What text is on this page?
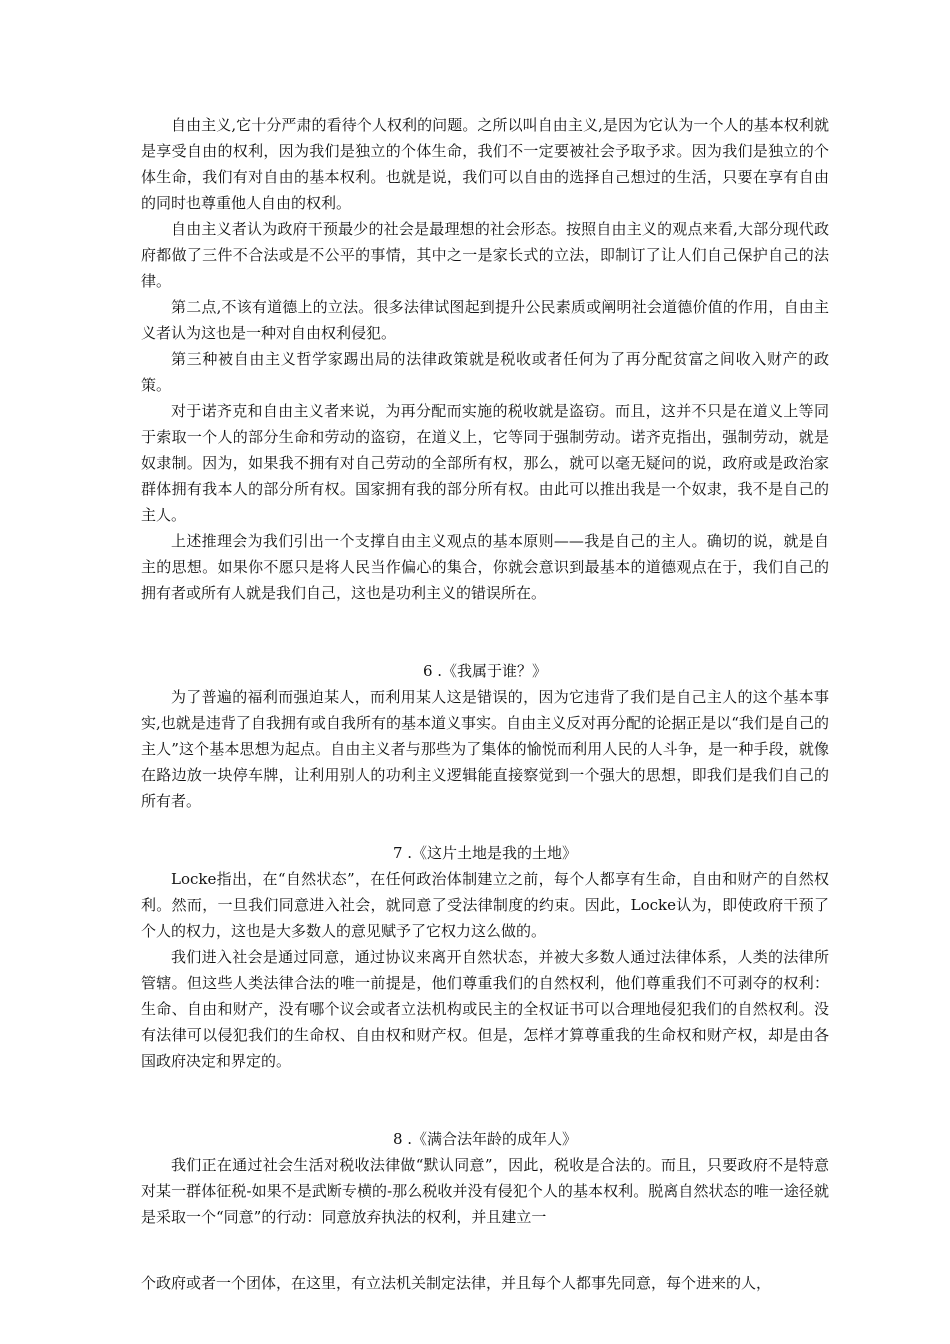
自由主义,它十分严肃的看待个人权利的问题。之所以叫自由主义,是因为它认为一个人的基本权利就是享受自由的权利，因为我们是独立的个体生命，我们不一定要被社会予取予求。因为我们是独立的个体生命，我们有对自由的基本权利。也就是说，我们可以自由的选择自己想过的生活，只要在享有自由的同时也尊重他人自由的权利。

自由主义者认为政府干预最少的社会是最理想的社会形态。按照自由主义的观点来看,大部分现代政府都做了三件不合法或是不公平的事情，其中之一是家长式的立法，即制订了让人们自己保护自己的法律。

第二点,不该有道德上的立法。很多法律试图起到提升公民素质或阐明社会道德价值的作用，自由主义者认为这也是一种对自由权利侵犯。

第三种被自由主义哲学家踢出局的法律政策就是税收或者任何为了再分配贫富之间收入财产的政策。

对于诺齐克和自由主义者来说，为再分配而实施的税收就是盗窃。而且，这并不只是在道义上等同于索取一个人的部分生命和劳动的盗窃，在道义上，它等同于强制劳动。诺齐克指出，强制劳动，就是奴隶制。因为，如果我不拥有对自己劳动的全部所有权，那么，就可以毫无疑问的说，政府或是政治家群体拥有我本人的部分所有权。国家拥有我的部分所有权。由此可以推出我是一个奴隶，我不是自己的主人。

上述推理会为我们引出一个支撑自由主义观点的基本原则——我是自己的主人。确切的说，就是自主的思想。如果你不愿只是将人民当作偏心的集合，你就会意识到最基本的道德观点在于，我们自己的拥有者或所有人就是我们自己，这也是功利主义的错误所在。

6 .《我属于谁？》

为了普遍的福利而强迫某人，而利用某人这是错误的，因为它违背了我们是自己主人的这个基本事实,也就是违背了自我拥有或自我所有的基本道义事实。自由主义反对再分配的论据正是以“我们是自己的主人”这个基本思想为起点。自由主义者与那些为了集体的愉悦而利用人民的人斗争，是一种手段，就像在路边放一块停车牌，让利用别人的功利主义逻辑能直接察觉到一个强大的思想，即我们是我们自己的所有者。

7 .《这片土地是我的土地》

Locke指出，在“自然状态”，在任何政治体制建立之前，每个人都享有生命，自由和财产的自然权利。然而，一旦我们同意进入社会，就同意了受法律制度的约束。因此，Locke认为，即使政府干预了个人的权力，这也是大多数人的意见赋予了它权力这么做的。

我们进入社会是通过同意，通过协议来离开自然状态，并被大多数人通过法律体系，人类的法律所管辖。但这些人类法律合法的唯一前提是，他们尊重我们的自然权利，他们尊重我们不可剥夺的权利：生命、自由和财产，没有哪个议会或者立法机构或民主的全权证书可以合理地侵犯我们的自然权利。没有法律可以侵犯我们的生命权、自由权和财产权。但是，怎样才算尊重我的生命权和财产权，却是由各国政府决定和界定的。

8 .《满合法年龄的成年人》

我们正在通过社会生活对税收法律做“默认同意”，因此，税收是合法的。而且，只要政府不是特意对某一群体征税-如果不是武断专横的-那么税收并没有侵犯个人的基本权利。脱离自然状态的唯一途径就是采取一个“同意”的行动：同意放弃执法的权利，并且建立一

个政府或者一个团体，在这里，有立法机关制定法律，并且每个人都事先同意，每个进来的人，
